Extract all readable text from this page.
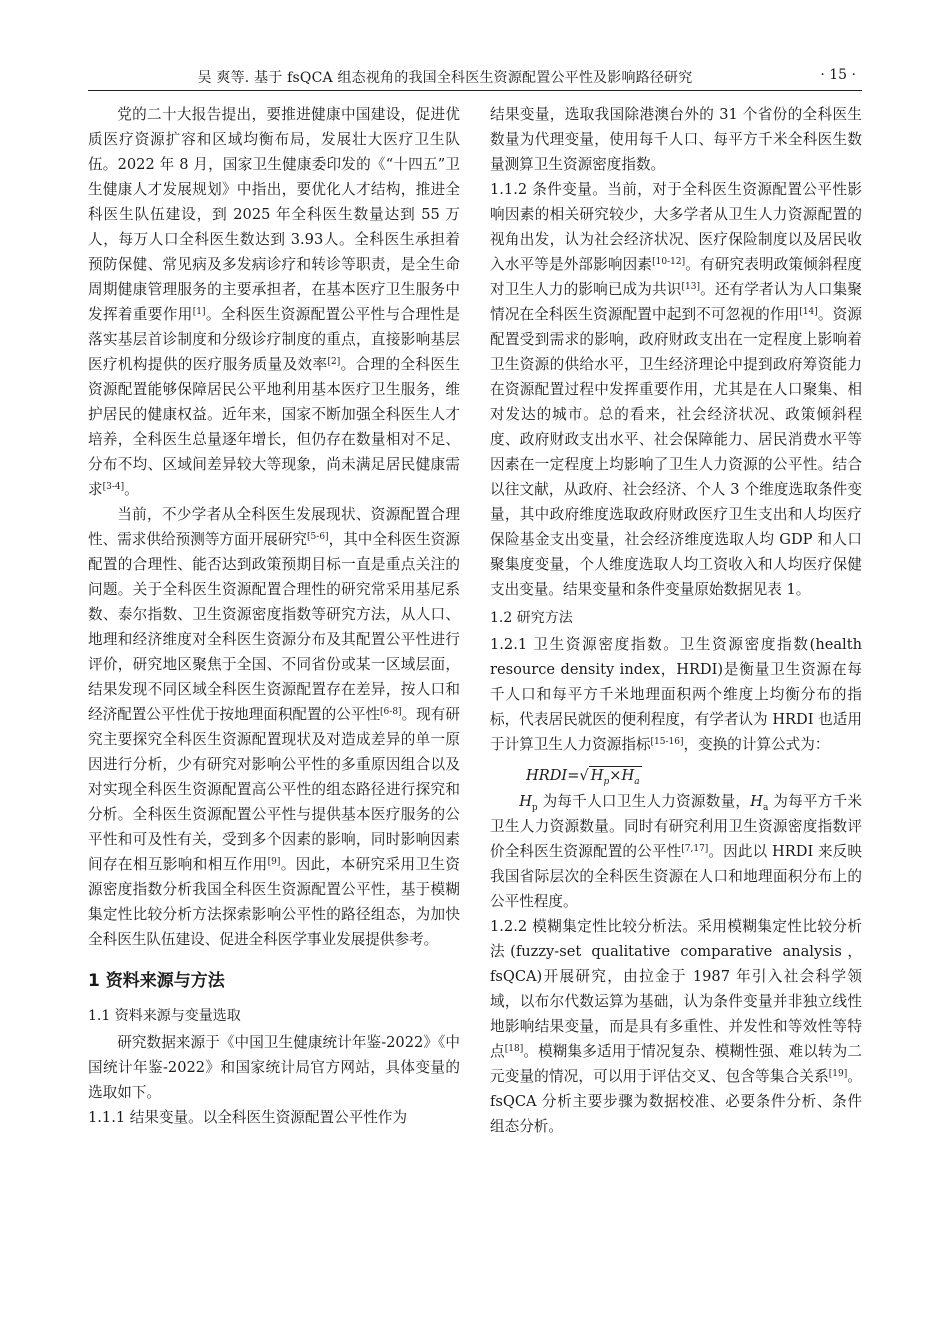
吴 爽等. 基于 fsQCA 组态视角的我国全科医生资源配置公平性及影响路径研究	· 15 ·

党的二十大报告提出，要推进健康中国建设，促进优质医疗资源扩容和区域均衡布局，发展壮大医疗卫生队伍。2022 年 8 月，国家卫生健康委印发的《“十四五”卫生健康人才发展规划》中指出，要优化人才结构，推进全科医生队伍建设，到 2025 年全科医生数量达到 55 万人，每万人口全科医生数达到 3.93人。全科医生承担着预防保健、常见病及多发病诊疗和转诊等职责，是全生命周期健康管理服务的主要承担者，在基本医疗卫生服务中发挥着重要作用[1]。全科医生资源配置公平性与合理性是落实基层首诊制度和分级诊疗制度的重点，直接影响基层医疗机构提供的医疗服务质量及效率[2]。合理的全科医生资源配置能够保障居民公平地利用基本医疗卫生服务，维护居民的健康权益。近年来，国家不断加强全科医生人才培养，全科医生总量逐年增长，但仍存在数量相对不足、分布不均、区域间差异较大等现象，尚未满足居民健康需求[3-4]。

当前，不少学者从全科医生发展现状、资源配置合理性、需求供给预测等方面开展研究[5-6]，其中全科医生资源配置的合理性、能否达到政策预期目标一直是重点关注的问题。关于全科医生资源配置合理性的研究常采用基尼系数、泰尔指数、卫生资源密度指数等研究方法，从人口、地理和经济维度对全科医生资源分布及其配置公平性进行评价，研究地区聚焦于全国、不同省份或某一区域层面，结果发现不同区域全科医生资源配置存在差异，按人口和经济配置公平性优于按地理面积配置的公平性[6-8]。现有研究主要探究全科医生资源配置现状及对造成差异的单一原因进行分析，少有研究对影响公平性的多重原因组合以及对实现全科医生资源配置高公平性的组态路径进行探究和分析。全科医生资源配置公平性与提供基本医疗服务的公平性和可及性有关，受到多个因素的影响，同时影响因素间存在相互影响和相互作用[9]。因此，本研究采用卫生资源密度指数分析我国全科医生资源配置公平性，基于模糊集定性比较分析方法探索影响公平性的路径组态，为加快全科医生队伍建设、促进全科医学事业发展提供参考。

1 资料来源与方法
1.1 资料来源与变量选取

研究数据来源于《中国卫生健康统计年鉴-2022》《中国统计年鉴-2022》和国家统计局官方网站，具体变量的选取如下。

1.1.1 结果变量。以全科医生资源配置公平性作为

结果变量，选取我国除港澳台外的 31 个省份的全科医生数量为代理变量，使用每千人口、每平方千米全科医生数量测算卫生资源密度指数。

1.1.2 条件变量。当前，对于全科医生资源配置公平性影响因素的相关研究较少，大多学者从卫生人力资源配置的视角出发，认为社会经济状况、医疗保险制度以及居民收入水平等是外部影响因素[10-12]。有研究表明政策倾斜程度对卫生人力的影响已成为共识[13]。还有学者认为人口集聚情况在全科医生资源配置中起到不可忽视的作用[14]。资源配置受到需求的影响，政府财政支出在一定程度上影响着卫生资源的供给水平，卫生经济理论中提到政府筹资能力在资源配置过程中发挥重要作用，尤其是在人口聚集、相对发达的城市。总的看来，社会经济状况、政策倾斜程度、政府财政支出水平、社会保障能力、居民消费水平等因素在一定程度上均影响了卫生人力资源的公平性。结合以往文献，从政府、社会经济、个人 3 个维度选取条件变量，其中政府维度选取政府财政医疗卫生支出和人均医疗保险基金支出变量，社会经济维度选取人均 GDP 和人口聚集度变量，个人维度选取人均工资收入和人均医疗保健支出变量。结果变量和条件变量原始数据见表 1。

1.2 研究方法

1.2.1 卫生资源密度指数。卫生资源密度指数(health resource density index，HRDI)是衡量卫生资源在每千人口和每平方千米地理面积两个维度上均衡分布的指标，代表居民就医的便利程度，有学者认为 HRDI 也适用于计算卫生人力资源指标[15-16]，变换的计算公式为：

HRDI=√ $H_p\times H_a$

$H_p$ 为每千人口卫生人力资源数量，$H_a$ 为每平方千米卫生人力资源数量。同时有研究利用卫生资源密度指数评价全科医生资源配置的公平性[7,17]。因此以 HRDI 来反映我国省际层次的全科医生资源在人口和地理面积分布上的公平性程度。

1.2.2 模糊集定性比较分析法。采用模糊集定性比较分析法(fuzzy-set qualitative comparative analysis，fsQCA)开展研究，由拉金于 1987 年引入社会科学领域，以布尔代数运算为基础，认为条件变量并非独立线性地影响结果变量，而是具有多重性、并发性和等效性等特点[18]。模糊集多适用于情况复杂、模糊性强、难以转为二元变量的情况，可以用于评估交叉、包含等集合关系[19]。fsQCA 分析主要步骤为数据校准、必要条件分析、条件组态分析。
